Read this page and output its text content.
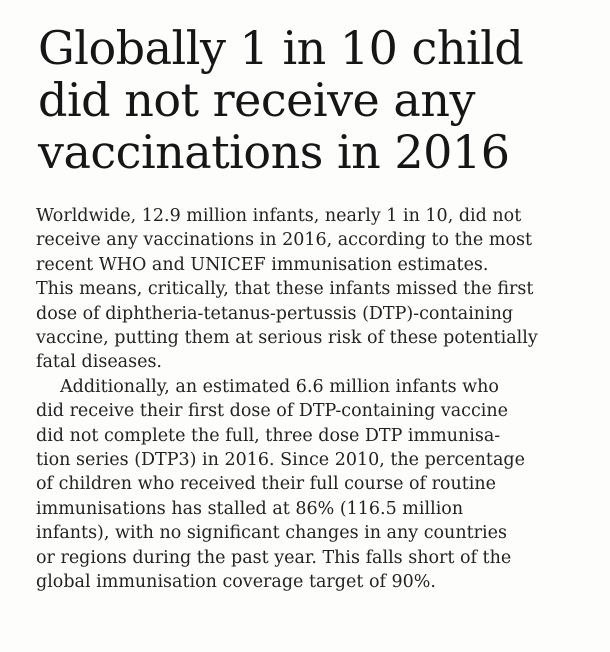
Globally 1 in 10 child
did not receive any
vaccinations in 2016

Worldwide, 12.9 million infants, nearly 1 in 10, did not
receive any vaccinations in 2016, according to the most
recent WHO and UNICEF immunisation estimates.
This means, critically, that these infants missed the first
dose of diphtheria-tetanus-pertussis (DTP)-containing
vaccine, putting them at serious risk of these potentially
fatal diseases.

Additionally, an estimated 6.6 million infants who
did receive their first dose of DTP-containing vaccine
did not complete the full, three dose DTP immunisa-
tion series (DTP3) in 2016. Since 2010, the percentage
of children who received their full course of routine
immunisations has stalled at 86% (116.5 million
infants), with no significant changes in any countries
or regions during the past year. This falls short of the
global immunisation coverage target of 90%.
